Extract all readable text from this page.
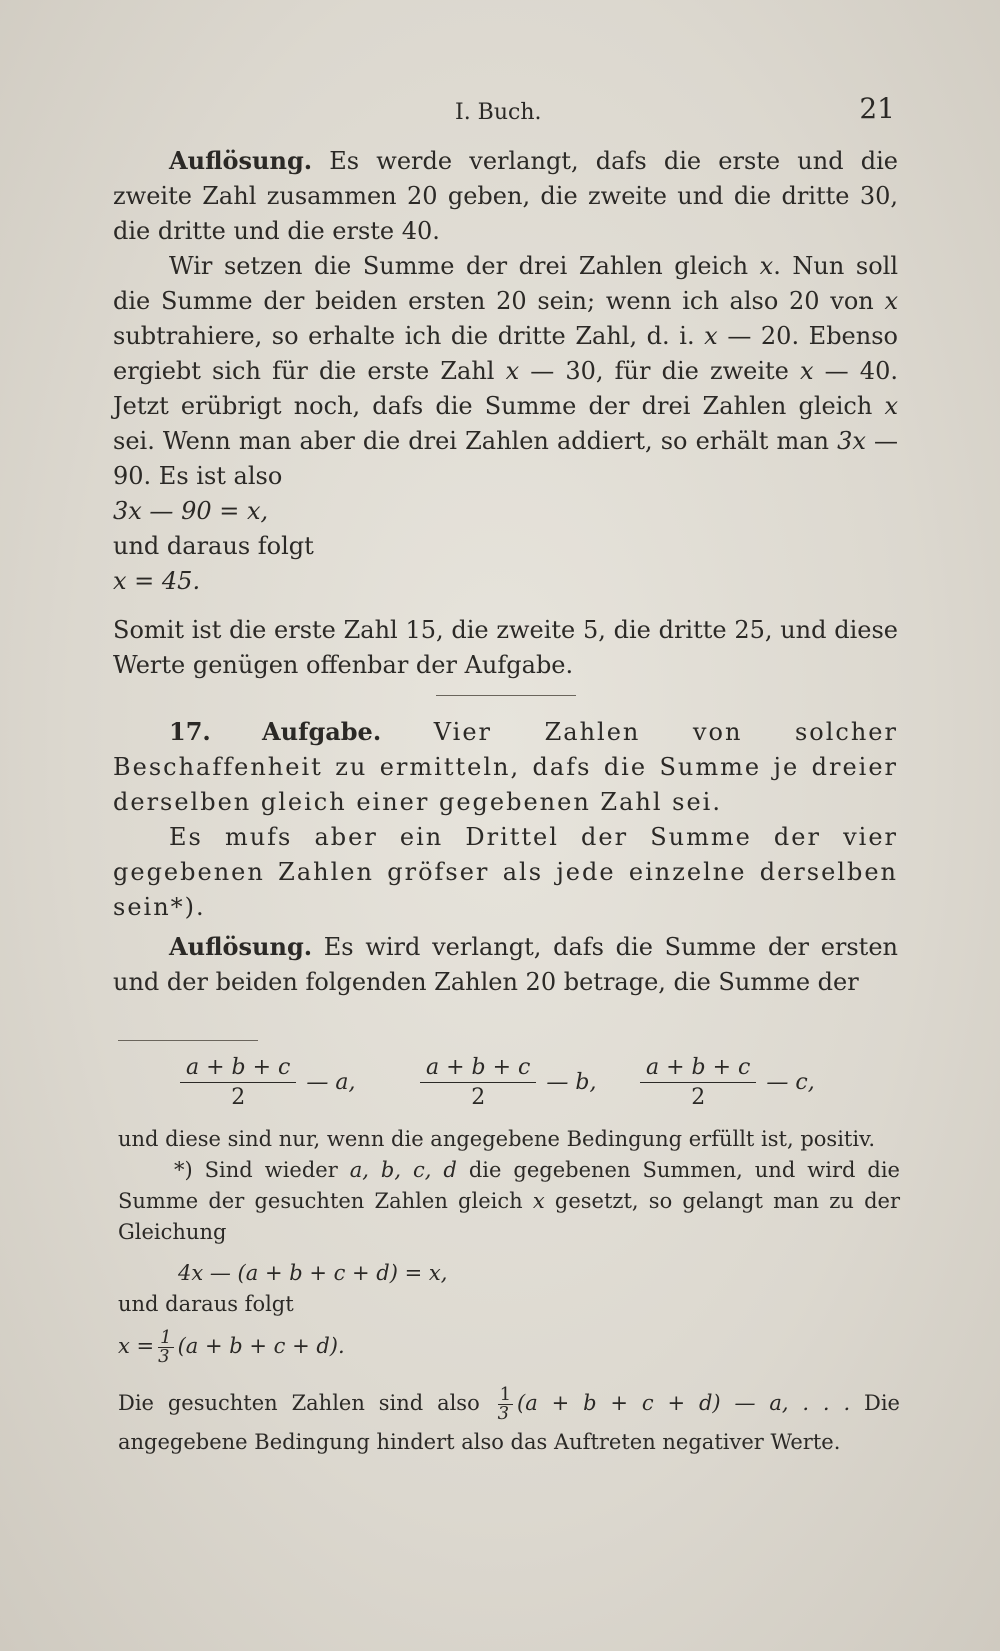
I. Buch.	21

Auflösung. Es werde verlangt, dafs die erste und die zweite Zahl zusammen 20 geben, die zweite und die dritte 30, die dritte und die erste 40.

Wir setzen die Summe der drei Zahlen gleich x. Nun soll die Summe der beiden ersten 20 sein; wenn ich also 20 von x subtrahiere, so erhalte ich die dritte Zahl, d. i. x — 20. Ebenso ergiebt sich für die erste Zahl x — 30, für die zweite x — 40. Jetzt erübrigt noch, dafs die Summe der drei Zahlen gleich x sei. Wenn man aber die drei Zahlen addiert, so erhält man 3x — 90. Es ist also

3x — 90 = x,

und daraus folgt

x = 45.

Somit ist die erste Zahl 15, die zweite 5, die dritte 25, und diese Werte genügen offenbar der Aufgabe.

17. Aufgabe. Vier Zahlen von solcher Beschaffenheit zu ermitteln, dafs die Summe je dreier derselben gleich einer gegebenen Zahl sei.

Es mufs aber ein Drittel der Summe der vier gegebenen Zahlen gröfser als jede einzelne derselben sein*).

Auflösung. Es wird verlangt, dafs die Summe der ersten und der beiden folgenden Zahlen 20 betrage, die Summe der

$\frac{a + b + c}{2}$ — a,	$\frac{a + b + c}{2}$ — b, $\frac{a + b + c}{2}$ — c,

und diese sind nur, wenn die angegebene Bedingung erfüllt ist, positiv.

*) Sind wieder a, b, c, d die gegebenen Summen, und wird die Summe der gesuchten Zahlen gleich x gesetzt, so gelangt man zu der Gleichung

4x — (a + b + c + d) = x,

und daraus folgt

$x = \frac{1}{3} (a + b + c + d)$.

Die gesuchten Zahlen sind also $\frac{1}{3} (a + b + c + d)$ — a, . . . Die angegebene Bedingung hindert also das Auftreten negativer Werte.
